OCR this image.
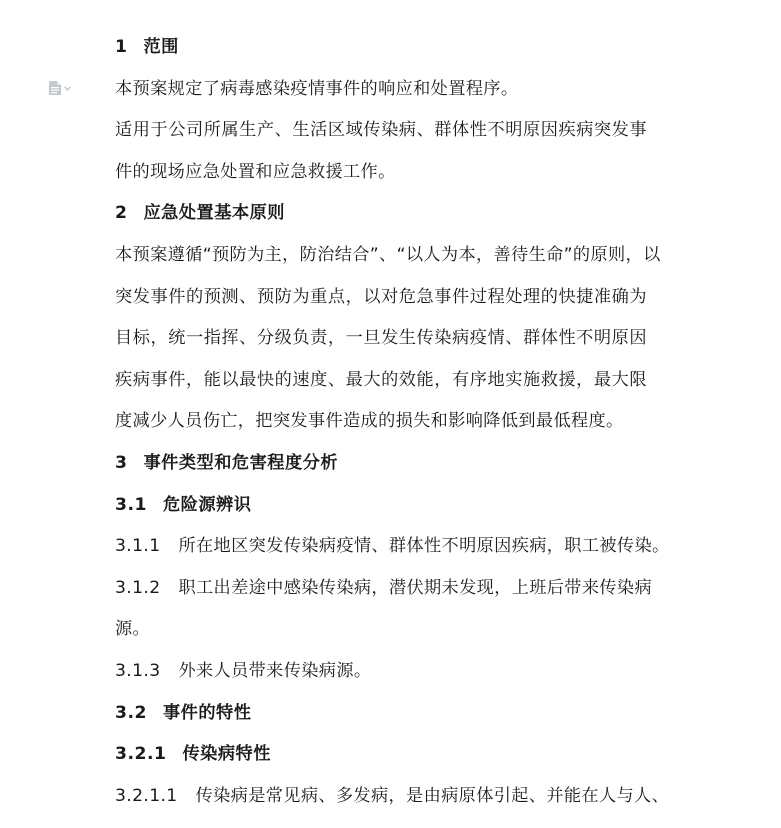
1 范围
本预案规定了病毒感染疫情事件的响应和处置程序。
适用于公司所属生产、生活区域传染病、群体性不明原因疾病突发事
件的现场应急处置和应急救援工作。
2 应急处置基本原则
本预案遵循“预防为主，防治结合”、“以人为本，善待生命”的原则，以
突发事件的预测、预防为重点，以对危急事件过程处理的快捷准确为
目标，统一指挥、分级负责，一旦发生传染病疫情、群体性不明原因
疾病事件，能以最快的速度、最大的效能，有序地实施救援，最大限
度减少人员伤亡，把突发事件造成的损失和影响降低到最低程度。
3 事件类型和危害程度分析
3.1 危险源辨识
3.1.1 所在地区突发传染病疫情、群体性不明原因疾病，职工被传染。
3.1.2 职工出差途中感染传染病，潜伏期未发现，上班后带来传染病
源。
3.1.3 外来人员带来传染病源。
3.2 事件的特性
3.2.1 传染病特性
3.2.1.1 传染病是常见病、多发病，是由病原体引起、并能在人与人、
